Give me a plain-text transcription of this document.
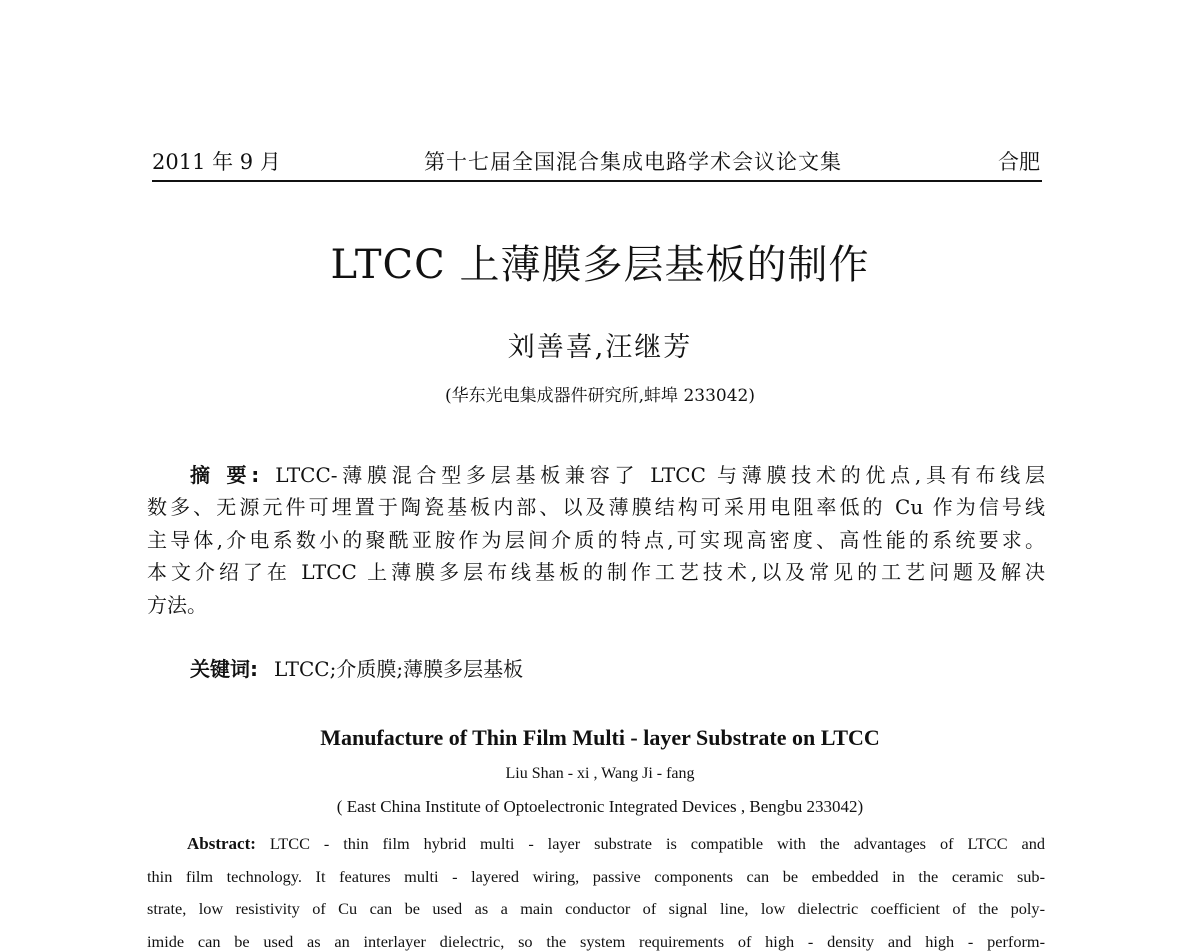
2011 年 9 月	第十七届全国混合集成电路学术会议论文集	合肥
LTCC 上薄膜多层基板的制作
刘善喜,汪继芳
(华东光电集成器件研究所,蚌埠 233042)
摘 要: LTCC-薄膜混合型多层基板兼容了 LTCC 与薄膜技术的优点,具有布线层
数多、无源元件可埋置于陶瓷基板内部、以及薄膜结构可采用电阻率低的 Cu 作为信号线
主导体,介电系数小的聚酰亚胺作为层间介质的特点,可实现高密度、高性能的系统要求。
本文介绍了在 LTCC 上薄膜多层布线基板的制作工艺技术,以及常见的工艺问题及解决
方法。
关键词: LTCC;介质膜;薄膜多层基板
Manufacture of Thin Film Multi - layer Substrate on LTCC
Liu Shan - xi , Wang Ji - fang
( East China Institute of Optoelectronic Integrated Devices , Bengbu 233042)
Abstract: LTCC - thin film hybrid multi - layer substrate is compatible with the advantages of LTCC and
thin film technology. It features multi - layered wiring, passive components can be embedded in the ceramic sub-
strate, low resistivity of Cu can be used as a main conductor of signal line, low dielectric coefficient of the poly-
imide can be used as an interlayer dielectric, so the system requirements of high - density and high - perform-
